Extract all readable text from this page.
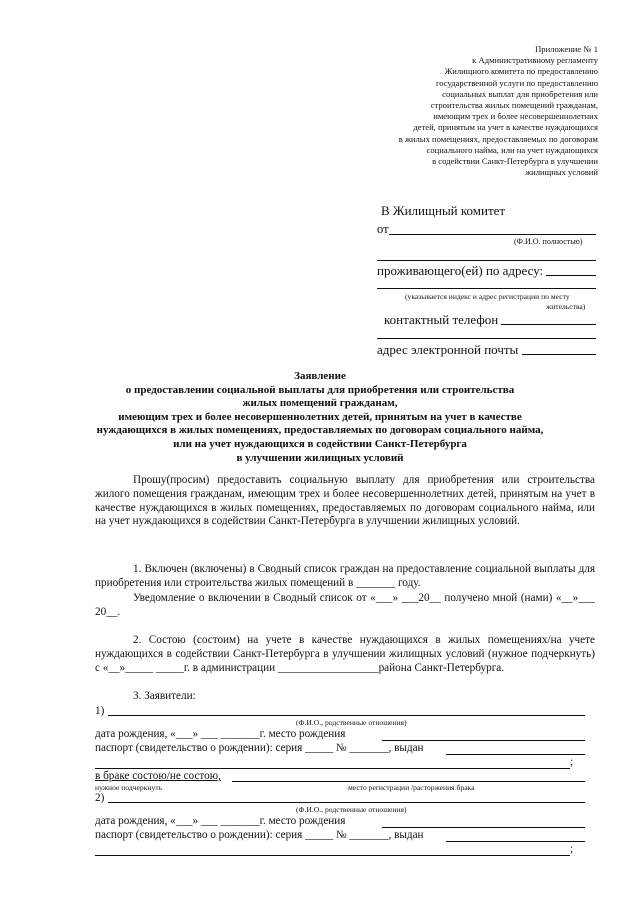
Приложение № 1
к Административному регламенту
Жилищного комитета по предоставлению
государственной услуги по предоставлению
социальных выплат для приобретения или
строительства жилых помещений гражданам,
имеющим трех и более несовершеннолетних
детей, принятым на учет в качестве нуждающихся
в жилых помещениях, предоставляемых по договорам
социального найма, или на учет нуждающихся
в содействии Санкт-Петербурга в улучшении
жилищных условий
В Жилищный комитет
от
(Ф.И.О. полностью)
проживающего(ей) по адресу:
(указывается индекс и адрес регистрации по месту
жительства)
контактный телефон
адрес электронной почты
Заявление
о предоставлении социальной выплаты для приобретения или строительства
жилых помещений гражданам,
имеющим трех и более несовершеннолетних детей, принятым на учет в качестве
нуждающихся в жилых помещениях, предоставляемых по договорам социального найма,
или на учет нуждающихся в содействии Санкт-Петербурга
в улучшении жилищных условий
Прошу(просим) предоставить социальную выплату для приобретения или строительства жилого помещения гражданам, имеющим трех и более несовершеннолетних детей, принятым на учет в качестве нуждающихся в жилых помещениях, предоставляемых по договорам социального найма, или на учет нуждающихся в содействии Санкт-Петербурга в улучшении жилищных условий.
1. Включен (включены) в Сводный список граждан на предоставление социальной выплаты для приобретения или строительства жилых помещений в _______ году.
Уведомление о включении в Сводный список от «___» ___20__ получено мной (нами) «__»___ 20__.
2. Состою (состоим) на учете в качестве нуждающихся в жилых помещениях/на учете нуждающихся в содействии Санкт-Петербурга в улучшении жилищных условий (нужное подчеркнуть) с «__»_____ _____г. в администрации __________________района Санкт-Петербурга.
3. Заявители:
1)
(Ф.И.О., родственные отношения)
дата рождения, «___» ___ _______г. место рождения
паспорт (свидетельство о рождении): серия _____ № _______, выдан
;
в браке состою/не состою,
нужное подчеркнуть	место регистрации /расторжения брака
2)
(Ф.И.О., родственные отношения)
дата рождения, «___» ___ _______г. место рождения
паспорт (свидетельство о рождении): серия _____ № _______, выдан
;
